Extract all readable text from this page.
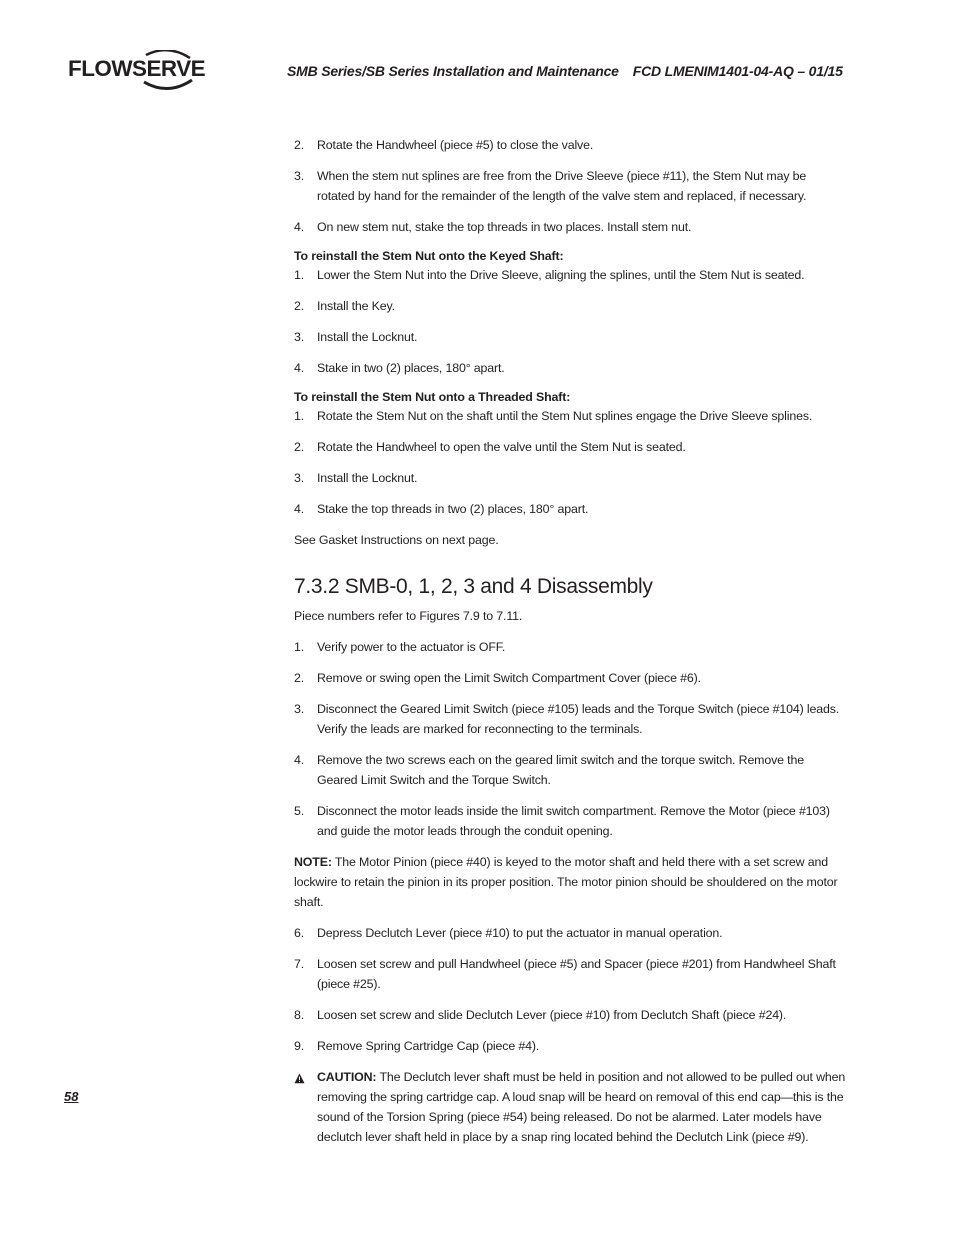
FLOWSERVE	SMB Series/SB Series Installation and Maintenance FCD LMENIM1401-04-AQ – 01/15
2. Rotate the Handwheel (piece #5) to close the valve.
3. When the stem nut splines are free from the Drive Sleeve (piece #11), the Stem Nut may be rotated by hand for the remainder of the length of the valve stem and replaced, if necessary.
4. On new stem nut, stake the top threads in two places. Install stem nut.

To reinstall the Stem Nut onto the Keyed Shaft:

1. Lower the Stem Nut into the Drive Sleeve, aligning the splines, until the Stem Nut is seated.
2. Install the Key.
3. Install the Locknut.
4. Stake in two (2) places, 180° apart.

To reinstall the Stem Nut onto a Threaded Shaft:

1. Rotate the Stem Nut on the shaft until the Stem Nut splines engage the Drive Sleeve splines.
2. Rotate the Handwheel to open the valve until the Stem Nut is seated.
3. Install the Locknut.
4. Stake the top threads in two (2) places, 180° apart.

See Gasket Instructions on next page.

7.3.2 SMB-0, 1, 2, 3 and 4 Disassembly

Piece numbers refer to Figures 7.9 to 7.11.

1. Verify power to the actuator is OFF.
2. Remove or swing open the Limit Switch Compartment Cover (piece #6).
3. Disconnect the Geared Limit Switch (piece #105) leads and the Torque Switch (piece #104) leads. Verify the leads are marked for reconnecting to the terminals.
4. Remove the two screws each on the geared limit switch and the torque switch. Remove the Geared Limit Switch and the Torque Switch.
5. Disconnect the motor leads inside the limit switch compartment. Remove the Motor (piece #103) and guide the motor leads through the conduit opening.

NOTE: The Motor Pinion (piece #40) is keyed to the motor shaft and held there with a set screw and lockwire to retain the pinion in its proper position. The motor pinion should be shouldered on the motor shaft.

6. Depress Declutch Lever (piece #10) to put the actuator in manual operation.
7. Loosen set screw and pull Handwheel (piece #5) and Spacer (piece #201) from Handwheel Shaft (piece #25).
8. Loosen set screw and slide Declutch Lever (piece #10) from Declutch Shaft (piece #24).
9. Remove Spring Cartridge Cap (piece #4).
CAUTION: The Declutch lever shaft must be held in position and not allowed to be pulled out when removing the spring cartridge cap. A loud snap will be heard on removal of this end cap—this is the sound of the Torsion Spring (piece #54) being released. Do not be alarmed. Later models have declutch lever shaft held in place by a snap ring located behind the Declutch Link (piece #9).
58
